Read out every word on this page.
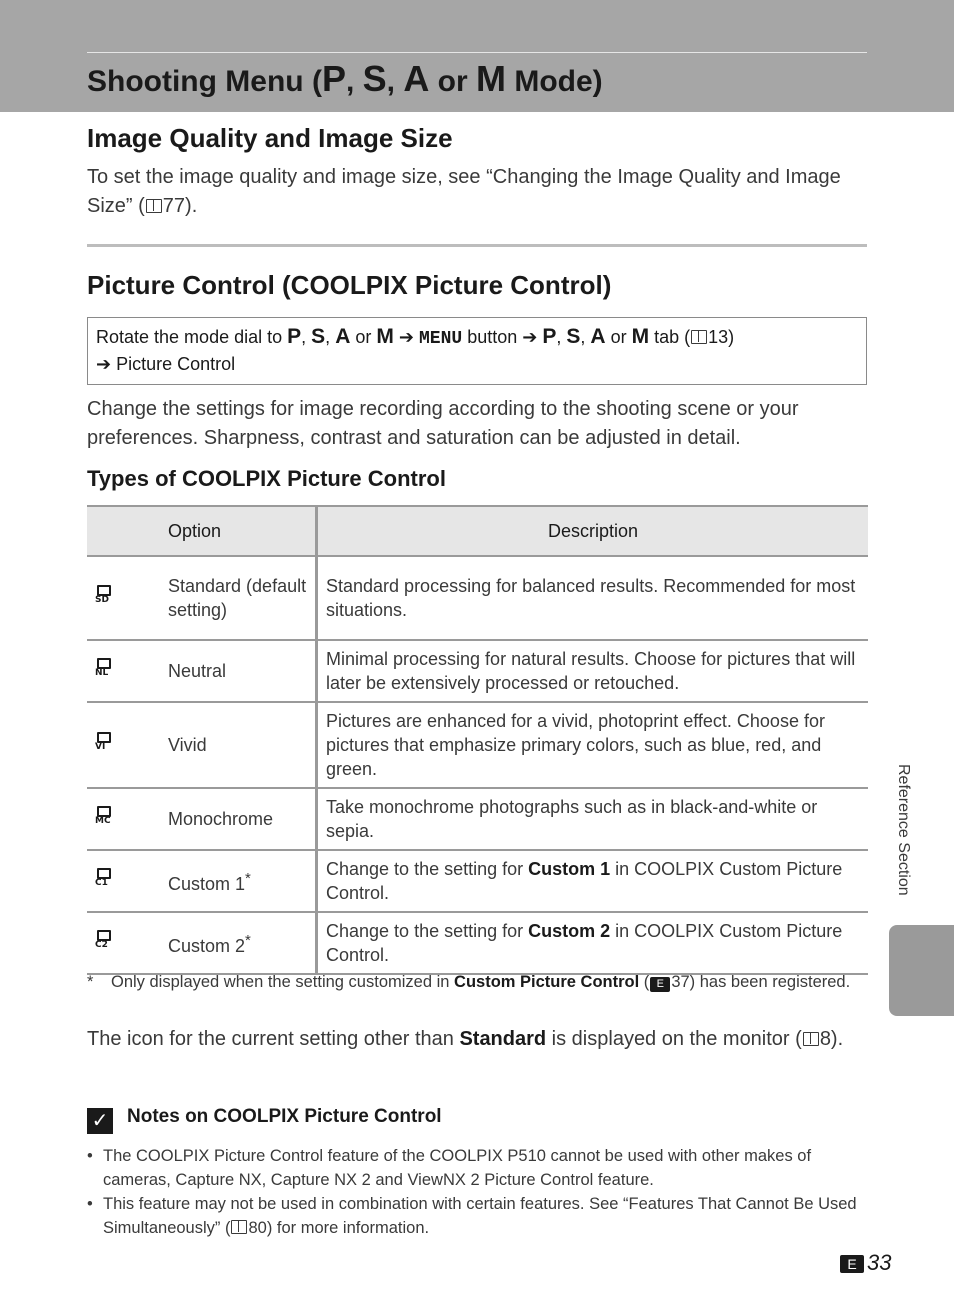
Shooting Menu (P, S, A or M Mode)
Image Quality and Image Size

To set the image quality and image size, see “Changing the Image Quality and Image Size” ( 77).

Picture Control (COOLPIX Picture Control)
Rotate the mode dial to P, S, A or M ➔ MENU button ➔ P, S, A or M tab ( 13)
➔ Picture Control

Change the settings for image recording according to the shooting scene or your preferences. Sharpness, contrast and saturation can be adjusted in detail.

Types of COOLPIX Picture Control
	Option	Description

SD	Standard (default setting)	Standard processing for balanced results. Recommended for most situations.

NL	Neutral	Minimal processing for natural results. Choose for pictures that will later be extensively processed or retouched.

VI	Vivid	Pictures are enhanced for a vivid, photoprint effect. Choose for pictures that emphasize primary colors, such as blue, red, and green.

MC	Monochrome	Take monochrome photographs such as in black-and-white or sepia.

C1	Custom 1*	Change to the setting for Custom 1 in COOLPIX Custom Picture Control.

C2	Custom 2*	Change to the setting for Custom 2 in COOLPIX Custom Picture Control.
* Only displayed when the setting customized in Custom Picture Control ( E 37) has been registered.

The icon for the current setting other than Standard is displayed on the monitor ( 8).

✓ Notes on COOLPIX Picture Control
• The COOLPIX Picture Control feature of the COOLPIX P510 cannot be used with other makes of cameras, Capture NX, Capture NX 2 and ViewNX 2 Picture Control feature.
• This feature may not be used in combination with certain features. See “Features That Cannot Be Used Simultaneously” ( 80) for more information.
Reference Section
E 33
